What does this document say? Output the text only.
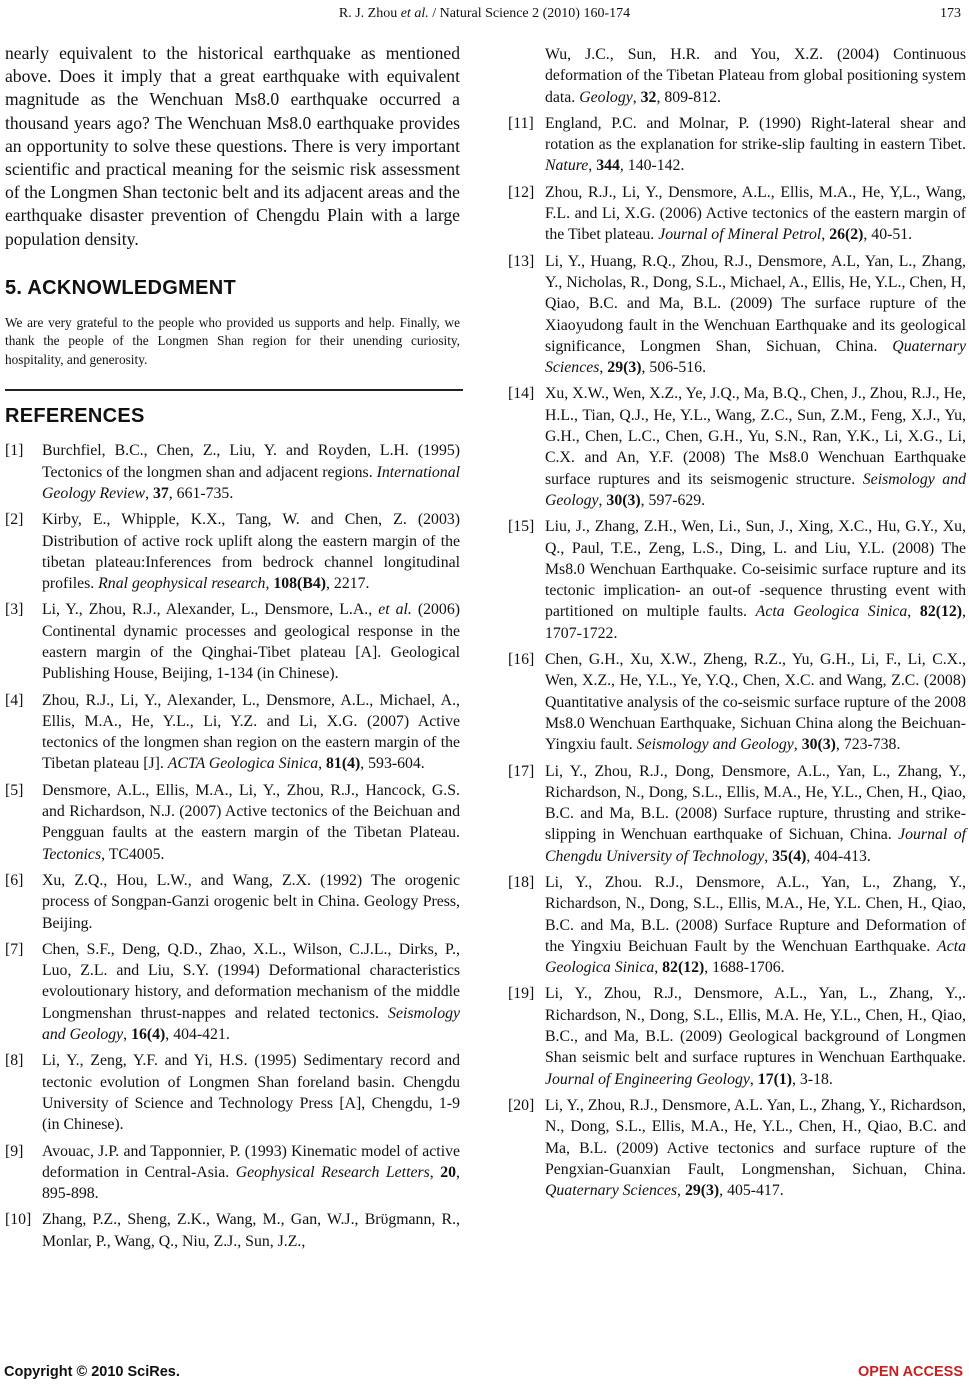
R. J. Zhou et al. / Natural Science 2 (2010) 160-174	173

nearly equivalent to the historical earthquake as mentioned above. Does it imply that a great earthquake with equivalent magnitude as the Wenchuan Ms8.0 earthquake occurred a thousand years ago? The Wenchuan Ms8.0 earthquake provides an opportunity to solve these questions. There is very important scientific and practical meaning for the seismic risk assessment of the Longmen Shan tectonic belt and its adjacent areas and the earthquake disaster prevention of Chengdu Plain with a large population density.

5. ACKNOWLEDGMENT

We are very grateful to the people who provided us supports and help. Finally, we thank the people of the Longmen Shan region for their unending curiosity, hospitality, and generosity.

REFERENCES
[1]	Burchfiel, B.C., Chen, Z., Liu, Y. and Royden, L.H. (1995) Tectonics of the longmen shan and adjacent regions. International Geology Review, 37, 661-735.
[2]	Kirby, E., Whipple, K.X., Tang, W. and Chen, Z. (2003) Distribution of active rock uplift along the eastern margin of the tibetan plateau:Inferences from bedrock channel longitudinal profiles. Rnal geophysical research, 108(B4), 2217.
[3]	Li, Y., Zhou, R.J., Alexander, L., Densmore, L.A., et al. (2006) Continental dynamic processes and geological response in the eastern margin of the Qinghai-Tibet plateau [A]. Geological Publishing House, Beijing, 1-134 (in Chinese).
[4]	Zhou, R.J., Li, Y., Alexander, L., Densmore, A.L., Michael, A., Ellis, M.A., He, Y.L., Li, Y.Z. and Li, X.G. (2007) Active tectonics of the longmen shan region on the eastern margin of the Tibetan plateau [J]. ACTA Geologica Sinica, 81(4), 593-604.
[5]	Densmore, A.L., Ellis, M.A., Li, Y., Zhou, R.J., Hancock, G.S. and Richardson, N.J. (2007) Active tectonics of the Beichuan and Pengguan faults at the eastern margin of the Tibetan Plateau. Tectonics, TC4005.
[6]	Xu, Z.Q., Hou, L.W., and Wang, Z.X. (1992) The orogenic process of Songpan-Ganzi orogenic belt in China. Geology Press, Beijing.
[7]	Chen, S.F., Deng, Q.D., Zhao, X.L., Wilson, C.J.L., Dirks, P., Luo, Z.L. and Liu, S.Y. (1994) Deformational characteristics evoloutionary history, and deformation mechanism of the middle Longmenshan thrust-nappes and related tectonics. Seismology and Geology, 16(4), 404-421.
[8]	Li, Y., Zeng, Y.F. and Yi, H.S. (1995) Sedimentary record and tectonic evolution of Longmen Shan foreland basin. Chengdu University of Science and Technology Press [A], Chengdu, 1-9 (in Chinese).
[9]	Avouac, J.P. and Tapponnier, P. (1993) Kinematic model of active deformation in Central-Asia. Geophysical Research Letters, 20, 895-898.
[10] Zhang, P.Z., Sheng, Z.K., Wang, M., Gan, W.J., Brϋgmann, R., Monlar, P., Wang, Q., Niu, Z.J., Sun, J.Z.,
Wu, J.C., Sun, H.R. and You, X.Z. (2004) Continuous deformation of the Tibetan Plateau from global positioning system data. Geology, 32, 809-812.
[11] England, P.C. and Molnar, P. (1990) Right-lateral shear and rotation as the explanation for strike-slip faulting in eastern Tibet. Nature, 344, 140-142.
[12] Zhou, R.J., Li, Y., Densmore, A.L., Ellis, M.A., He, Y,L., Wang, F.L. and Li, X.G. (2006) Active tectonics of the eastern margin of the Tibet plateau. Journal of Mineral Petrol, 26(2), 40-51.
[13] Li, Y., Huang, R.Q., Zhou, R.J., Densmore, A.L, Yan, L., Zhang, Y., Nicholas, R., Dong, S.L., Michael, A., Ellis, He, Y.L., Chen, H, Qiao, B.C. and Ma, B.L. (2009) The surface rupture of the Xiaoyudong fault in the Wenchuan Earthquake and its geological significance, Longmen Shan, Sichuan, China. Quaternary Sciences, 29(3), 506-516.
[14] Xu, X.W., Wen, X.Z., Ye, J.Q., Ma, B.Q., Chen, J., Zhou, R.J., He, H.L., Tian, Q.J., He, Y.L., Wang, Z.C., Sun, Z.M., Feng, X.J., Yu, G.H., Chen, L.C., Chen, G.H., Yu, S.N., Ran, Y.K., Li, X.G., Li, C.X. and An, Y.F. (2008) The Ms8.0 Wenchuan Earthquake surface ruptures and its seismogenic structure. Seismology and Geology, 30(3), 597-629.
[15] Liu, J., Zhang, Z.H., Wen, Li., Sun, J., Xing, X.C., Hu, G.Y., Xu, Q., Paul, T.E., Zeng, L.S., Ding, L. and Liu, Y.L. (2008) The Ms8.0 Wenchuan Earthquake. Co-seisimic surface rupture and its tectonic implication- an out-of -sequence thrusting event with partitioned on multiple faults. Acta Geologica Sinica, 82(12), 1707-1722.
[16] Chen, G.H., Xu, X.W., Zheng, R.Z., Yu, G.H., Li, F., Li, C.X., Wen, X.Z., He, Y.L., Ye, Y.Q., Chen, X.C. and Wang, Z.C. (2008) Quantitative analysis of the co-seismic surface rupture of the 2008 Ms8.0 Wenchuan Earthquake, Sichuan China along the Beichuan-Yingxiu fault. Seismology and Geology, 30(3), 723-738.
[17] Li, Y., Zhou, R.J., Dong, Densmore, A.L., Yan, L., Zhang, Y., Richardson, N., Dong, S.L., Ellis, M.A., He, Y.L., Chen, H., Qiao, B.C. and Ma, B.L. (2008) Surface rupture, thrusting and strike-slipping in Wenchuan earthquake of Sichuan, China. Journal of Chengdu University of Technology, 35(4), 404-413.
[18] Li, Y., Zhou. R.J., Densmore, A.L., Yan, L., Zhang, Y., Richardson, N., Dong, S.L., Ellis, M.A., He, Y.L. Chen, H., Qiao, B.C. and Ma, B.L. (2008) Surface Rupture and Deformation of the Yingxiu Beichuan Fault by the Wenchuan Earthquake. Acta Geologica Sinica, 82(12), 1688-1706.
[19] Li, Y., Zhou, R.J., Densmore, A.L., Yan, L., Zhang, Y.,. Richardson, N., Dong, S.L., Ellis, M.A. He, Y.L., Chen, H., Qiao, B.C., and Ma, B.L. (2009) Geological background of Longmen Shan seismic belt and surface ruptures in Wenchuan Earthquake. Journal of Engineering Geology, 17(1), 3-18.
[20] Li, Y., Zhou, R.J., Densmore, A.L. Yan, L., Zhang, Y., Richardson, N., Dong, S.L., Ellis, M.A., He, Y.L., Chen, H., Qiao, B.C. and Ma, B.L. (2009) Active tectonics and surface rupture of the Pengxian-Guanxian Fault, Longmenshan, Sichuan, China. Quaternary Sciences, 29(3), 405-417.
Copyright © 2010 SciRes.	OPEN ACCESS
